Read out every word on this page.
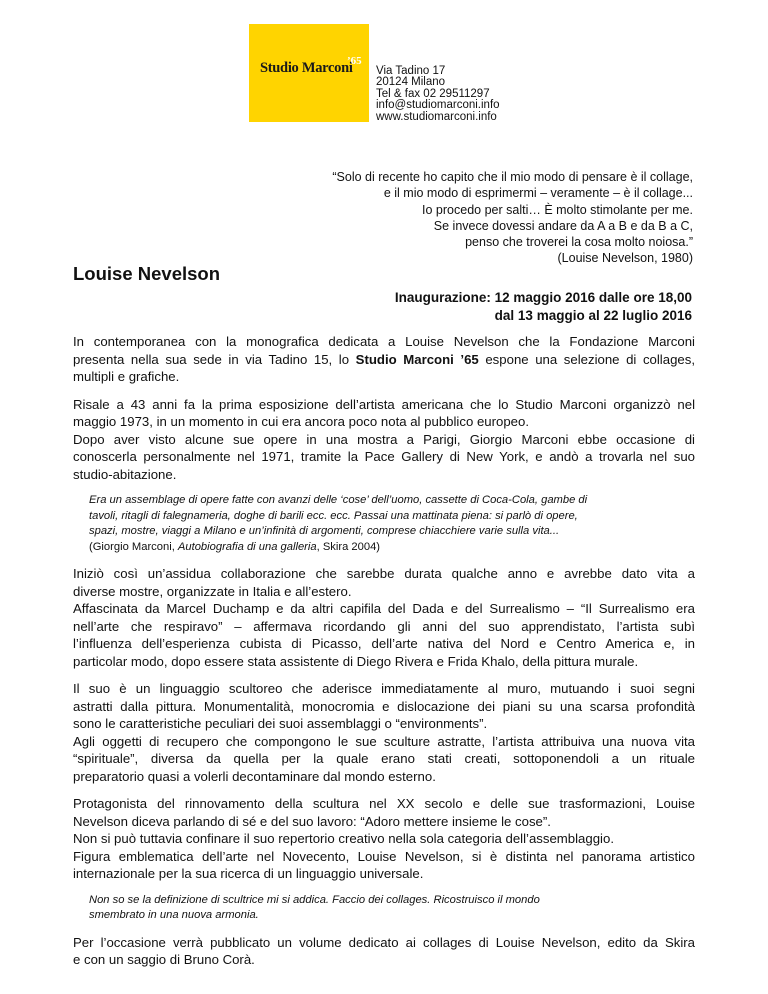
Studio Marconi
’65
Via Tadino 17
20124 Milano
Tel & fax 02 29511297
info@studiomarconi.info
www.studiomarconi.info
“Solo di recente ho capito che il mio modo di pensare è il collage,
e il mio modo di esprimermi – veramente – è il collage...
Io procedo per salti… È molto stimolante per me.
Se invece dovessi andare da A a B e da B a C,
penso che troverei la cosa molto noiosa.”
(Louise Nevelson, 1980)
Louise Nevelson
Inaugurazione: 12 maggio 2016 dalle ore 18,00
dal 13 maggio al 22 luglio 2016
In contemporanea con la monografica dedicata a Louise Nevelson che la Fondazione Marconi
presenta nella sua sede in via Tadino 15, lo Studio Marconi ’65 espone una selezione di collages,
multipli e grafiche.
Risale a 43 anni fa la prima esposizione dell’artista americana che lo Studio Marconi organizzò nel
maggio 1973, in un momento in cui era ancora poco nota al pubblico europeo.
Dopo aver visto alcune sue opere in una mostra a Parigi, Giorgio Marconi ebbe occasione di
conoscerla personalmente nel 1971, tramite la Pace Gallery di New York, e andò a trovarla nel suo
studio-abitazione.
Era un assemblage di opere fatte con avanzi delle ‘cose’ dell’uomo, cassette di Coca-Cola, gambe di
tavoli, ritagli di falegnameria, doghe di barili ecc. ecc. Passai una mattinata piena: si parlò di opere,
spazi, mostre, viaggi a Milano e un’infinità di argomenti, comprese chiacchiere varie sulla vita...
(Giorgio Marconi, Autobiografia di una galleria, Skira 2004)
Iniziò così un’assidua collaborazione che sarebbe durata qualche anno e avrebbe dato vita a
diverse mostre, organizzate in Italia e all’estero.
Affascinata da Marcel Duchamp e da altri capifila del Dada e del Surrealismo – “Il Surrealismo era
nell’arte che respiravo” – affermava ricordando gli anni del suo apprendistato, l’artista subì
l’influenza dell’esperienza cubista di Picasso, dell’arte nativa del Nord e Centro America e, in
particolar modo, dopo essere stata assistente di Diego Rivera e Frida Khalo, della pittura murale.
Il suo è un linguaggio scultoreo che aderisce immediatamente al muro, mutuando i suoi segni
astratti dalla pittura. Monumentalità, monocromia e dislocazione dei piani su una scarsa profondità
sono le caratteristiche peculiari dei suoi assemblaggi o “environments”.
Agli oggetti di recupero che compongono le sue sculture astratte, l’artista attribuiva una nuova vita
“spirituale”, diversa da quella per la quale erano stati creati, sottoponendoli a un rituale
preparatorio quasi a volerli decontaminare dal mondo esterno.
Protagonista del rinnovamento della scultura nel XX secolo e delle sue trasformazioni, Louise
Nevelson diceva parlando di sé e del suo lavoro: “Adoro mettere insieme le cose”.
Non si può tuttavia confinare il suo repertorio creativo nella sola categoria dell’assemblaggio.
Figura emblematica dell’arte nel Novecento, Louise Nevelson, si è distinta nel panorama artistico
internazionale per la sua ricerca di un linguaggio universale.
Non so se la definizione di scultrice mi si addica. Faccio dei collages. Ricostruisco il mondo
smembrato in una nuova armonia.
Per l’occasione verrà pubblicato un volume dedicato ai collages di Louise Nevelson, edito da Skira
e con un saggio di Bruno Corà.
